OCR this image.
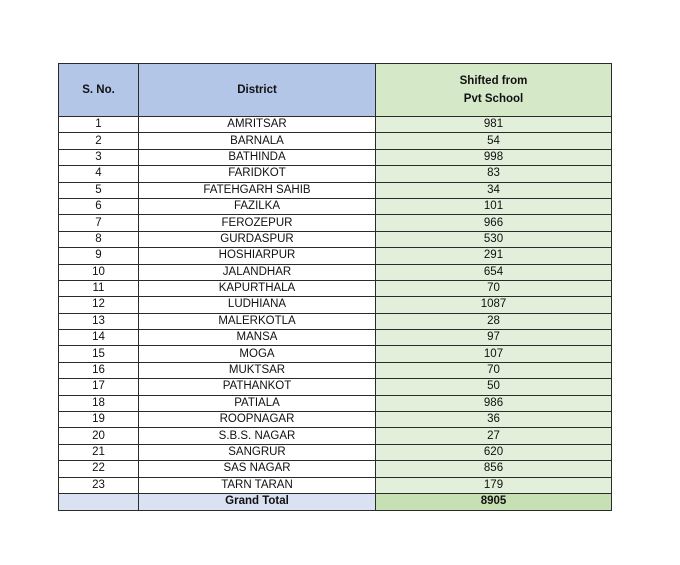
S. No.	District	Shifted from
Pvt School

1	AMRITSAR	981
2	BARNALA	54
3	BATHINDA	998
4	FARIDKOT	83
5	FATEHGARH SAHIB	34
6	FAZILKA	101
7	FEROZEPUR	966
8	GURDASPUR	530
9	HOSHIARPUR	291
10	JALANDHAR	654
11	KAPURTHALA	70
12	LUDHIANA	1087
13	MALERKOTLA	28
14	MANSA	97
15	MOGA	107
16	MUKTSAR	70
17	PATHANKOT	50
18	PATIALA	986
19	ROOPNAGAR	36
20	S.B.S. NAGAR	27
21	SANGRUR	620
22	SAS NAGAR	856
23	TARN TARAN	179
	Grand Total	8905
